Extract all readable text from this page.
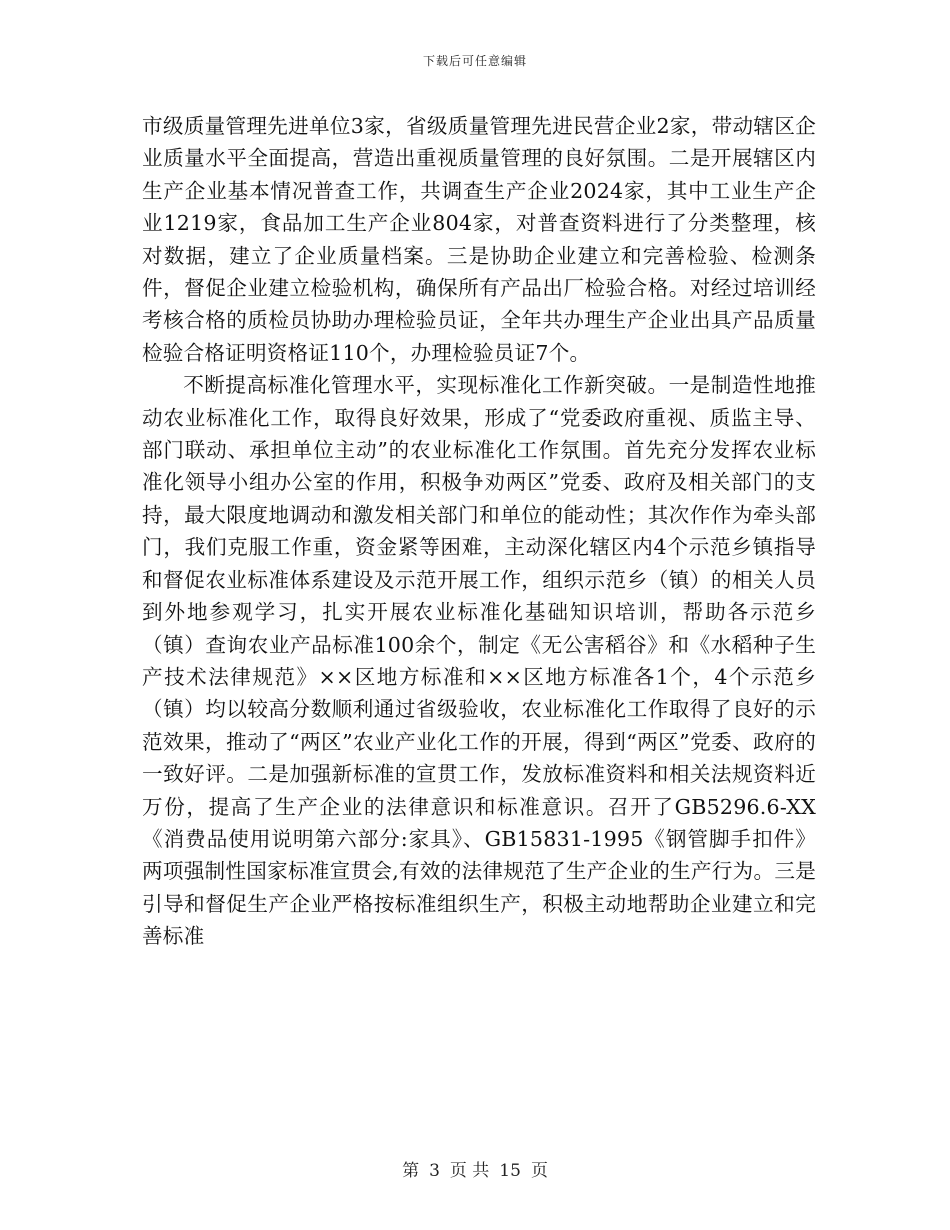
下载后可任意编辑

市级质量管理先进单位3家，省级质量管理先进民营企业2家，带动辖区企业质量水平全面提高，营造出重视质量管理的良好氛围。二是开展辖区内生产企业基本情况普查工作，共调查生产企业2024家，其中工业生产企业1219家，食品加工生产企业804家，对普查资料进行了分类整理，核对数据，建立了企业质量档案。三是协助企业建立和完善检验、检测条件，督促企业建立检验机构，确保所有产品出厂检验合格。对经过培训经考核合格的质检员协助办理检验员证，全年共办理生产企业出具产品质量检验合格证明资格证110个，办理检验员证7个。

不断提高标准化管理水平，实现标准化工作新突破。一是制造性地推动农业标准化工作，取得良好效果，形成了“党委政府重视、质监主导、部门联动、承担单位主动”的农业标准化工作氛围。首先充分发挥农业标准化领导小组办公室的作用，积极争劝两区”党委、政府及相关部门的支持，最大限度地调动和激发相关部门和单位的能动性；其次作作为牵头部门，我们克服工作重，资金紧等困难，主动深化辖区内4个示范乡镇指导和督促农业标准体系建设及示范开展工作，组织示范乡（镇）的相关人员到外地参观学习，扎实开展农业标准化基础知识培训，帮助各示范乡（镇）查询农业产品标准100余个，制定《无公害稻谷》和《水稻种子生产技术法律规范》××区地方标准和××区地方标准各1个，4个示范乡（镇）均以较高分数顺利通过省级验收，农业标准化工作取得了良好的示范效果，推动了“两区”农业产业化工作的开展，得到“两区”党委、政府的一致好评。二是加强新标准的宣贯工作，发放标准资料和相关法规资料近万份，提高了生产企业的法律意识和标准意识。召开了GB5296.6-XX《消费品使用说明第六部分:家具》、GB15831-1995《钢管脚手扣件》两项强制性国家标准宣贯会,有效的法律规范了生产企业的生产行为。三是引导和督促生产企业严格按标准组织生产，积极主动地帮助企业建立和完善标准

第 3 页 共 15 页
